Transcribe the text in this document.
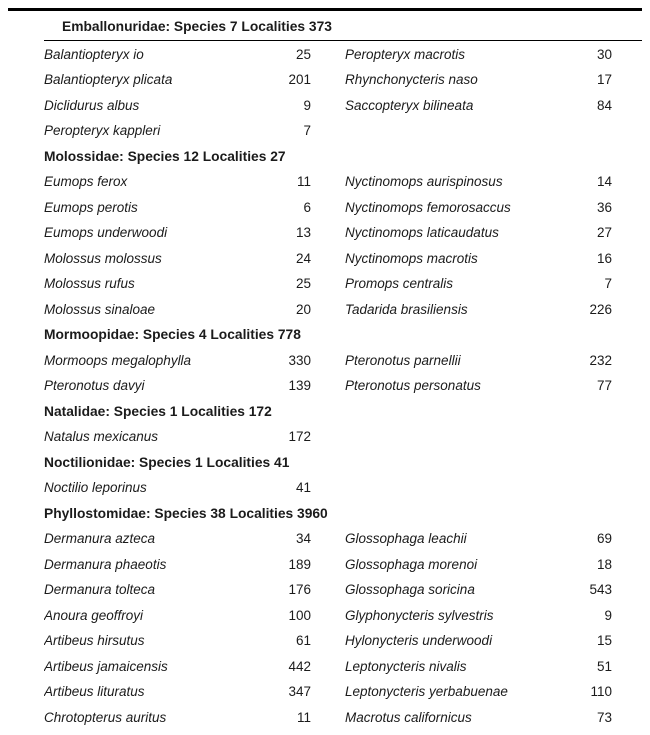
Emballonuridae: Species 7 Localities 373
Balantiopteryx io	25	Peropteryx macrotis	30
Balantiopteryx plicata	201	Rhynchonycteris naso	17
Diclidurus albus	9	Saccopteryx bilineata	84
Peropteryx kappleri	7
Molossidae: Species 12 Localities 27
Eumops ferox	11	Nyctinomops aurispinosus	14
Eumops perotis	6	Nyctinomops femorosaccus	36
Eumops underwoodi	13	Nyctinomops laticaudatus	27
Molossus molossus	24	Nyctinomops macrotis	16
Molossus rufus	25	Promops centralis	7
Molossus sinaloae	20	Tadarida brasiliensis	226
Mormoopidae: Species 4 Localities 778
Mormoops megalophylla	330	Pteronotus parnellii	232
Pteronotus davyi	139	Pteronotus personatus	77
Natalidae: Species 1 Localities 172
Natalus mexicanus	172
Noctilionidae: Species 1 Localities 41
Noctilio leporinus	41
Phyllostomidae: Species 38 Localities 3960
Dermanura azteca	34	Glossophaga leachii	69
Dermanura phaeotis	189	Glossophaga morenoi	18
Dermanura tolteca	176	Glossophaga soricina	543
Anoura geoffroyi	100	Glyphonycteris sylvestris	9
Artibeus hirsutus	61	Hylonycteris underwoodi	15
Artibeus jamaicensis	442	Leptonycteris nivalis	51
Artibeus lituratus	347	Leptonycteris yerbabuenae	110
Chrotopterus auritus	11	Macrotus californicus	73
